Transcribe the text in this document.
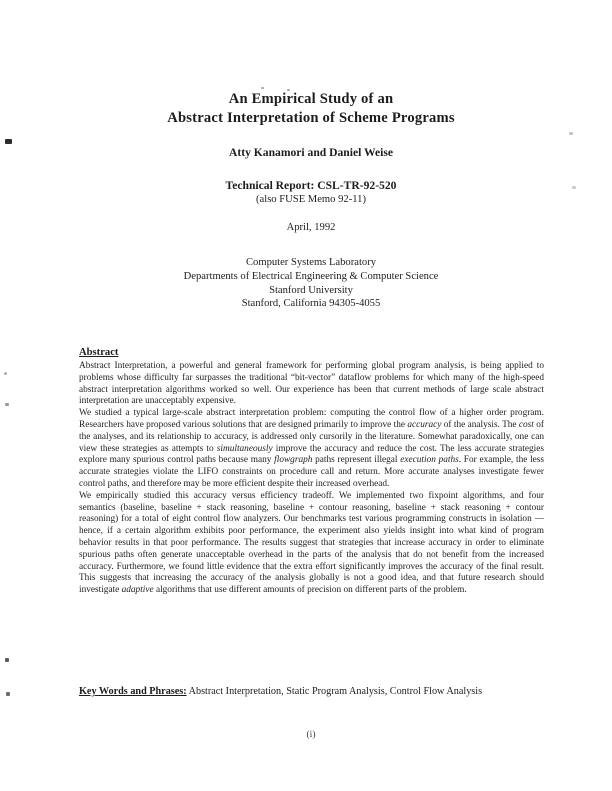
An Empirical Study of an
Abstract Interpretation of Scheme Programs
Atty Kanamori and Daniel Weise
Technical Report: CSL-TR-92-520
(also FUSE Memo 92-11)
April, 1992
Computer Systems Laboratory
Departments of Electrical Engineering & Computer Science
Stanford University
Stanford, California 94305-4055
Abstract

Abstract Interpretation, a powerful and general framework for performing global program analysis, is being applied to problems whose difficulty far surpasses the traditional “bit-vector” dataflow problems for which many of the high-speed abstract interpretation algorithms worked so well. Our experience has been that current methods of large scale abstract interpretation are unacceptably expensive.

We studied a typical large-scale abstract interpretation problem: computing the control flow of a higher order program. Researchers have proposed various solutions that are designed primarily to improve the accuracy of the analysis. The cost of the analyses, and its relationship to accuracy, is addressed only cursorily in the literature. Somewhat paradoxically, one can view these strategies as attempts to simultaneously improve the accuracy and reduce the cost. The less accurate strategies explore many spurious control paths because many flowgraph paths represent illegal execution paths. For example, the less accurate strategies violate the LIFO constraints on procedure call and return. More accurate analyses investigate fewer control paths, and therefore may be more efficient despite their increased overhead.

We empirically studied this accuracy versus efficiency tradeoff. We implemented two fixpoint algorithms, and four semantics (baseline, baseline + stack reasoning, baseline + contour reasoning, baseline + stack reasoning + contour reasoning) for a total of eight control flow analyzers. Our benchmarks test various programming constructs in isolation — hence, if a certain algorithm exhibits poor performance, the experiment also yields insight into what kind of program behavior results in that poor performance. The results suggest that strategies that increase accuracy in order to eliminate spurious paths often generate unacceptable overhead in the parts of the analysis that do not benefit from the increased accuracy. Furthermore, we found little evidence that the extra effort significantly improves the accuracy of the final result. This suggests that increasing the accuracy of the analysis globally is not a good idea, and that future research should investigate adaptive algorithms that use different amounts of precision on different parts of the problem.

Key Words and Phrases: Abstract Interpretation, Static Program Analysis, Control Flow Analysis
(i)
